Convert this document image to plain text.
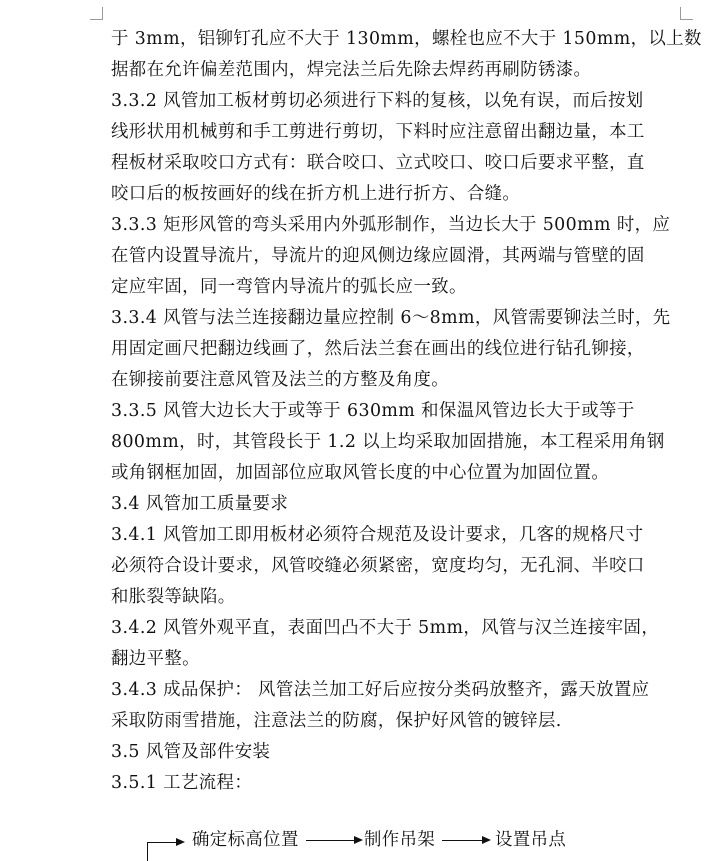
于 3mm，铝铆钉孔应不大于 130mm，螺栓也应不大于 150mm，以上数

据都在允许偏差范围内，焊完法兰后先除去焊药再刷防锈漆。

3.3.2 风管加工板材剪切必须进行下料的复核，以免有误，而后按划

线形状用机械剪和手工剪进行剪切，下料时应注意留出翻边量，本工

程板材采取咬口方式有：联合咬口、立式咬口、咬口后要求平整，直

咬口后的板按画好的线在折方机上进行折方、合缝。

3.3.3 矩形风管的弯头采用内外弧形制作，当边长大于 500mm 时，应

在管内设置导流片，导流片的迎风侧边缘应圆滑，其两端与管壁的固

定应牢固，同一弯管内导流片的弧长应一致。

3.3.4 风管与法兰连接翻边量应控制 6～8mm，风管需要铆法兰时，先

用固定画尺把翻边线画了，然后法兰套在画出的线位进行钻孔铆接，

在铆接前要注意风管及法兰的方整及角度。

3.3.5 风管大边长大于或等于 630mm 和保温风管边长大于或等于

800mm，时，其管段长于 1.2 以上均采取加固措施，本工程采用角钢

或角钢框加固，加固部位应取风管长度的中心位置为加固位置。

3.4 风管加工质量要求

3.4.1 风管加工即用板材必须符合规范及设计要求，几客的规格尺寸

必须符合设计要求，风管咬缝必须紧密，宽度均匀，无孔洞、半咬口

和胀裂等缺陷。

3.4.2 风管外观平直，表面凹凸不大于 5mm，风管与汉兰连接牢固，

翻边平整。

3.4.3 成品保护： 风管法兰加工好后应按分类码放整齐，露天放置应

采取防雨雪措施，注意法兰的防腐，保护好风管的镀锌层.

3.5 风管及部件安装

3.5.1 工艺流程：

确定标高位置	制作吊架	设置吊点
